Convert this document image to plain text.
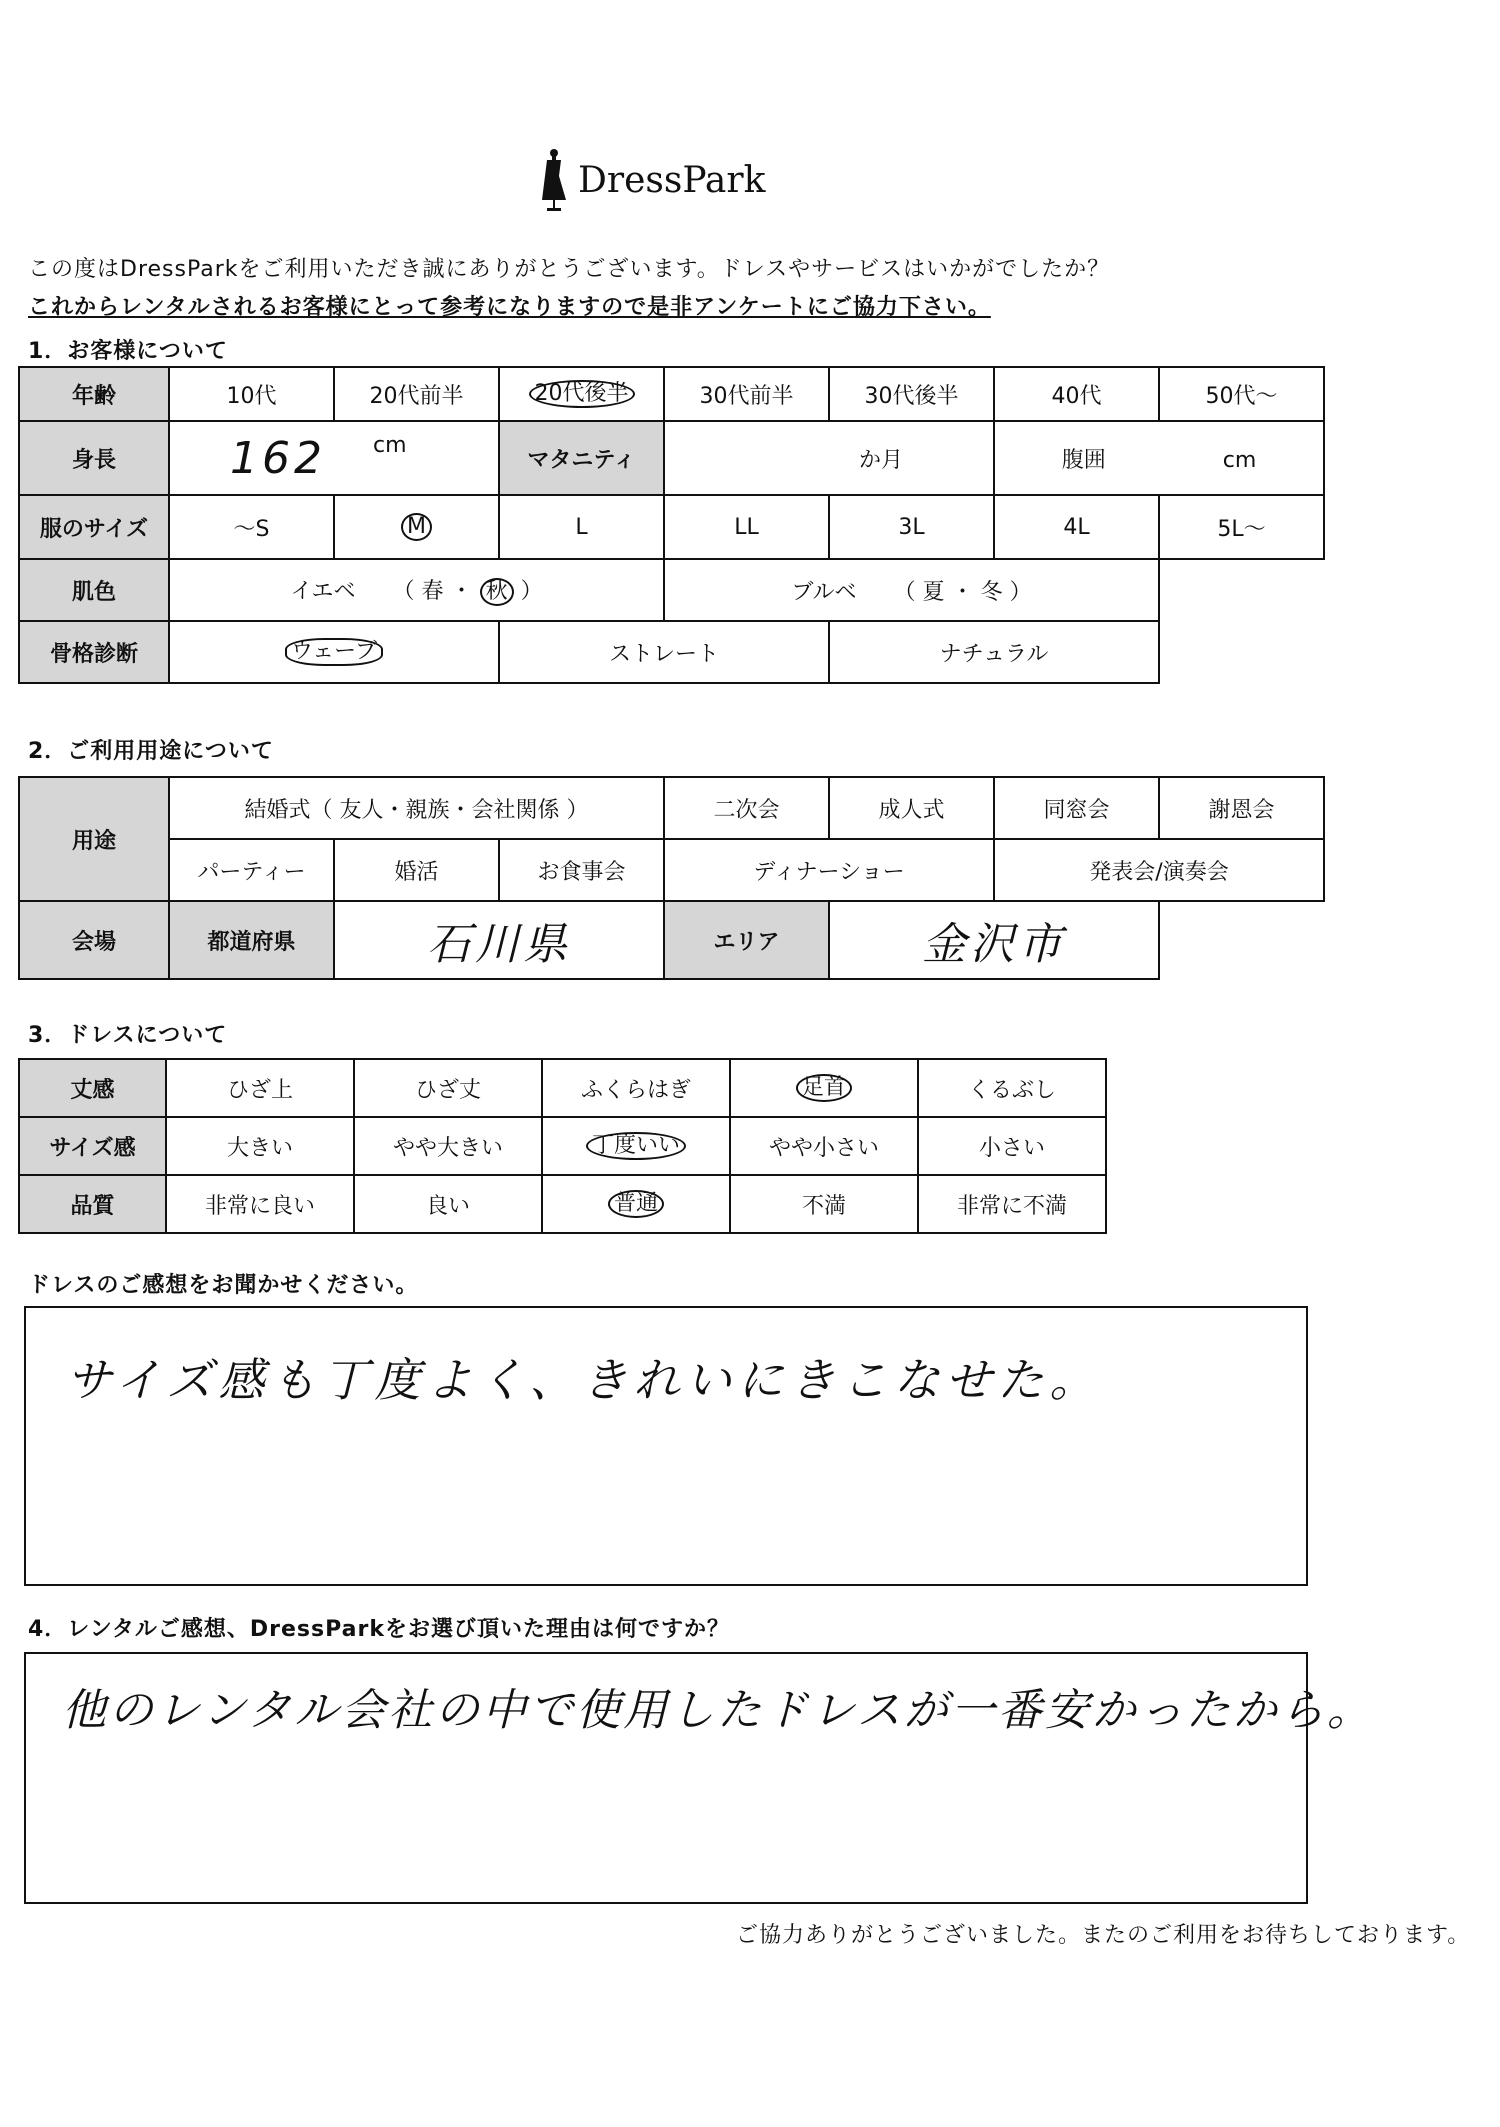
DressPark
この度はDressParkをご利用いただき誠にありがとうございます。ドレスやサービスはいかがでしたか？
これからレンタルされるお客様にとって参考になりますので是非アンケートにご協力下さい。
1．お客様について
年齢	10代	20代前半	20代後半	30代前半	30代後半	40代	50代～
身長	162 cm		マタニティ	か月		腹囲 cm	
服のサイズ	～S	M	L	LL	3L	4L	5L～
肌色	イエベ （ 春 ・ 秋 ）			ブルベ （ 夏 ・ 冬 ）			
骨格診断	ウェーブ		ストレート		ナチュラル		
2．ご利用用途について
用途	結婚式（ 友人・親族・会社関係 ）			二次会	成人式	同窓会	謝恩会
	パーティー	婚活	お食事会	ディナーショー		発表会/演奏会	
会場	都道府県	石川県		エリア	金沢市		
3．ドレスについて
丈感	ひざ上	ひざ丈	ふくらはぎ	足首	くるぶし
サイズ感	大きい	やや大きい	丁度いい	やや小さい	小さい
品質	非常に良い	良い	普通	不満	非常に不満
ドレスのご感想をお聞かせください。
サイズ感も丁度よく、きれいにきこなせた。
4．レンタルご感想、DressParkをお選び頂いた理由は何ですか？
他のレンタル会社の中で使用したドレスが一番安かったから。
ご協力ありがとうございました。またのご利用をお待ちしております。
